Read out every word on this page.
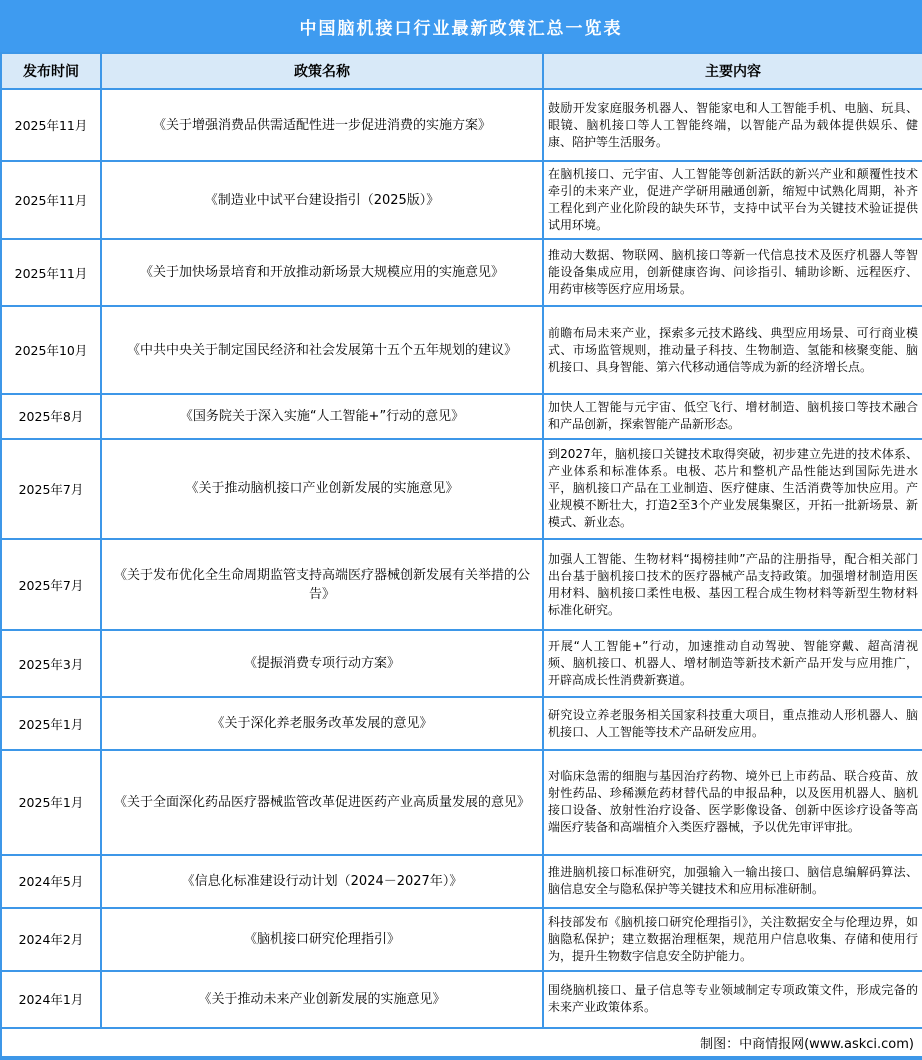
中国脑机接口行业最新政策汇总一览表
发布时间	政策名称	主要内容
2025年11月	《关于增强消费品供需适配性进一步促进消费的实施方案》	鼓励开发家庭服务机器人、智能家电和人工智能手机、电脑、玩具、眼镜、脑机接口等人工智能终端，以智能产品为载体提供娱乐、健康、陪护等生活服务。
2025年11月	《制造业中试平台建设指引（2025版）》	在脑机接口、元宇宙、人工智能等创新活跃的新兴产业和颠覆性技术牵引的未来产业，促进产学研用融通创新，缩短中试熟化周期，补齐工程化到产业化阶段的缺失环节，支持中试平台为关键技术验证提供试用环境。
2025年11月	《关于加快场景培育和开放推动新场景大规模应用的实施意见》	推动大数据、物联网、脑机接口等新一代信息技术及医疗机器人等智能设备集成应用，创新健康咨询、问诊指引、辅助诊断、远程医疗、用药审核等医疗应用场景。
2025年10月	《中共中央关于制定国民经济和社会发展第十五个五年规划的建议》	前瞻布局未来产业，探索多元技术路线、典型应用场景、可行商业模式、市场监管规则，推动量子科技、生物制造、氢能和核聚变能、脑机接口、具身智能、第六代移动通信等成为新的经济增长点。
2025年8月	《国务院关于深入实施“人工智能+”行动的意见》	加快人工智能与元宇宙、低空飞行、增材制造、脑机接口等技术融合和产品创新，探索智能产品新形态。
2025年7月	《关于推动脑机接口产业创新发展的实施意见》	到2027年，脑机接口关键技术取得突破，初步建立先进的技术体系、产业体系和标准体系。电极、芯片和整机产品性能达到国际先进水平，脑机接口产品在工业制造、医疗健康、生活消费等加快应用。产业规模不断壮大，打造2至3个产业发展集聚区，开拓一批新场景、新模式、新业态。
2025年7月	《关于发布优化全生命周期监管支持高端医疗器械创新发展有关举措的公告》	加强人工智能、生物材料“揭榜挂帅”产品的注册指导，配合相关部门出台基于脑机接口技术的医疗器械产品支持政策。加强增材制造用医用材料、脑机接口柔性电极、基因工程合成生物材料等新型生物材料标准化研究。
2025年3月	《提振消费专项行动方案》	开展“人工智能+”行动，加速推动自动驾驶、智能穿戴、超高清视频、脑机接口、机器人、增材制造等新技术新产品开发与应用推广，开辟高成长性消费新赛道。
2025年1月	《关于深化养老服务改革发展的意见》	研究设立养老服务相关国家科技重大项目，重点推动人形机器人、脑机接口、人工智能等技术产品研发应用。
2025年1月	《关于全面深化药品医疗器械监管改革促进医药产业高质量发展的意见》	对临床急需的细胞与基因治疗药物、境外已上市药品、联合疫苗、放射性药品、珍稀濒危药材替代品的申报品种，以及医用机器人、脑机接口设备、放射性治疗设备、医学影像设备、创新中医诊疗设备等高端医疗装备和高端植介入类医疗器械，予以优先审评审批。
2024年5月	《信息化标准建设行动计划（2024－2027年）》	推进脑机接口标准研究，加强输入一输出接口、脑信息编解码算法、脑信息安全与隐私保护等关键技术和应用标准研制。
2024年2月	《脑机接口研究伦理指引》	科技部发布《脑机接口研究伦理指引》，关注数据安全与伦理边界，如脑隐私保护；建立数据治理框架，规范用户信息收集、存储和使用行为，提升生物数字信息安全防护能力。
2024年1月	《关于推动未来产业创新发展的实施意见》	围绕脑机接口、量子信息等专业领域制定专项政策文件，形成完备的未来产业政策体系。
制图：中商情报网(www.askci.com)		
